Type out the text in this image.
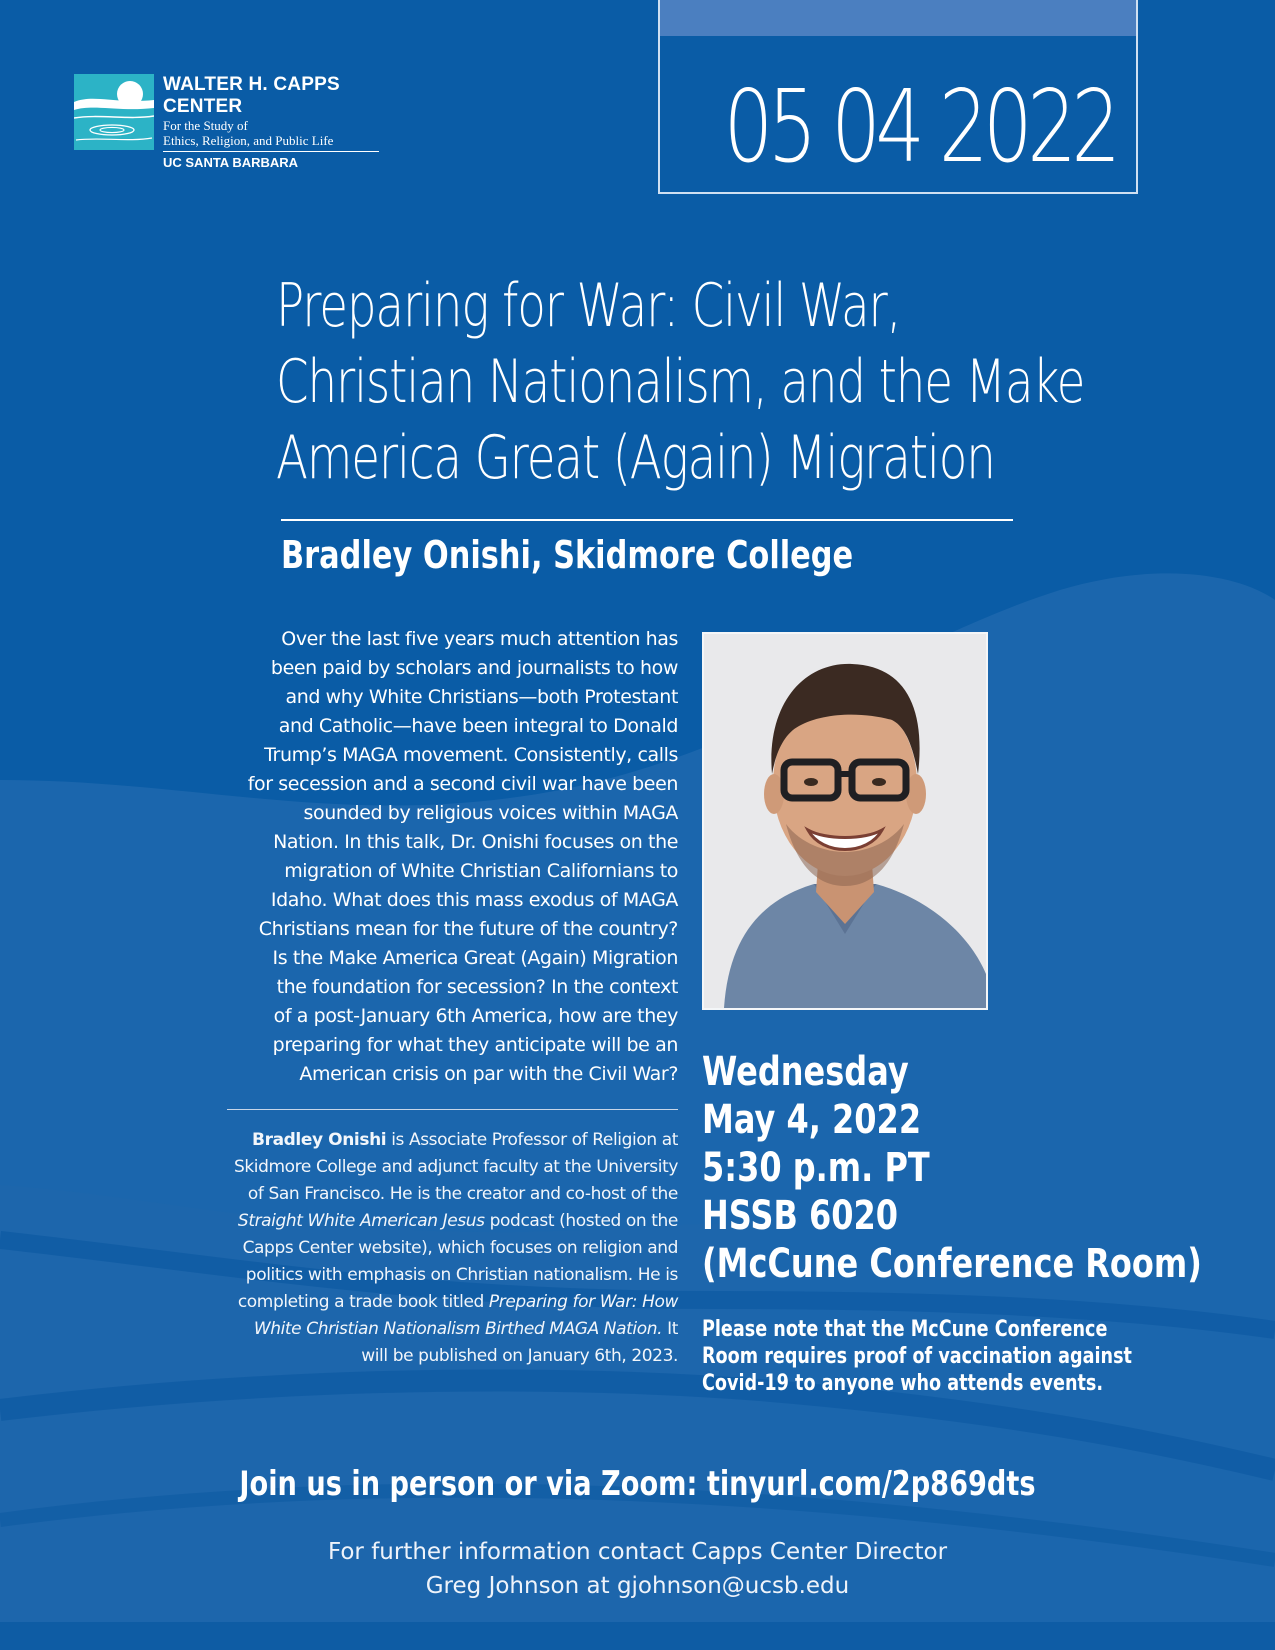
WALTER H. CAPPS CENTER
For the Study of
Ethics, Religion, and Public Life
UC SANTA BARBARA	05 04 2022
Preparing for War: Civil War,
Christian Nationalism, and the Make
America Great (Again) Migration
Bradley Onishi, Skidmore College

Over the last five years much attention has
been paid by scholars and journalists to how
and why White Christians—both Protestant
and Catholic—have been integral to Donald
Trump’s MAGA movement. Consistently, calls
for secession and a second civil war have been
sounded by religious voices within MAGA
Nation. In this talk, Dr. Onishi focuses on the
migration of White Christian Californians to
Idaho. What does this mass exodus of MAGA
Christians mean for the future of the country?
Is the Make America Great (Again) Migration
the foundation for secession? In the context
of a post-January 6th America, how are they
preparing for what they anticipate will be an
American crisis on par with the Civil War?

Bradley Onishi is Associate Professor of Religion at Skidmore College and adjunct faculty at the University of San Francisco. He is the creator and co-host of the Straight White American Jesus podcast (hosted on the Capps Center website), which focuses on religion and politics with emphasis on Christian nationalism. He is completing a trade book titled Preparing for War: How White Christian Nationalism Birthed MAGA Nation. It will be published on January 6th, 2023.

Wednesday
May 4, 2022
5:30 p.m. PT
HSSB 6020
(McCune Conference Room)

Please note that the McCune Conference Room requires proof of vaccination against Covid-19 to anyone who attends events.

Join us in person or via Zoom: tinyurl.com/2p869dts

For further information contact Capps Center Director
Greg Johnson at gjohnson@ucsb.edu
